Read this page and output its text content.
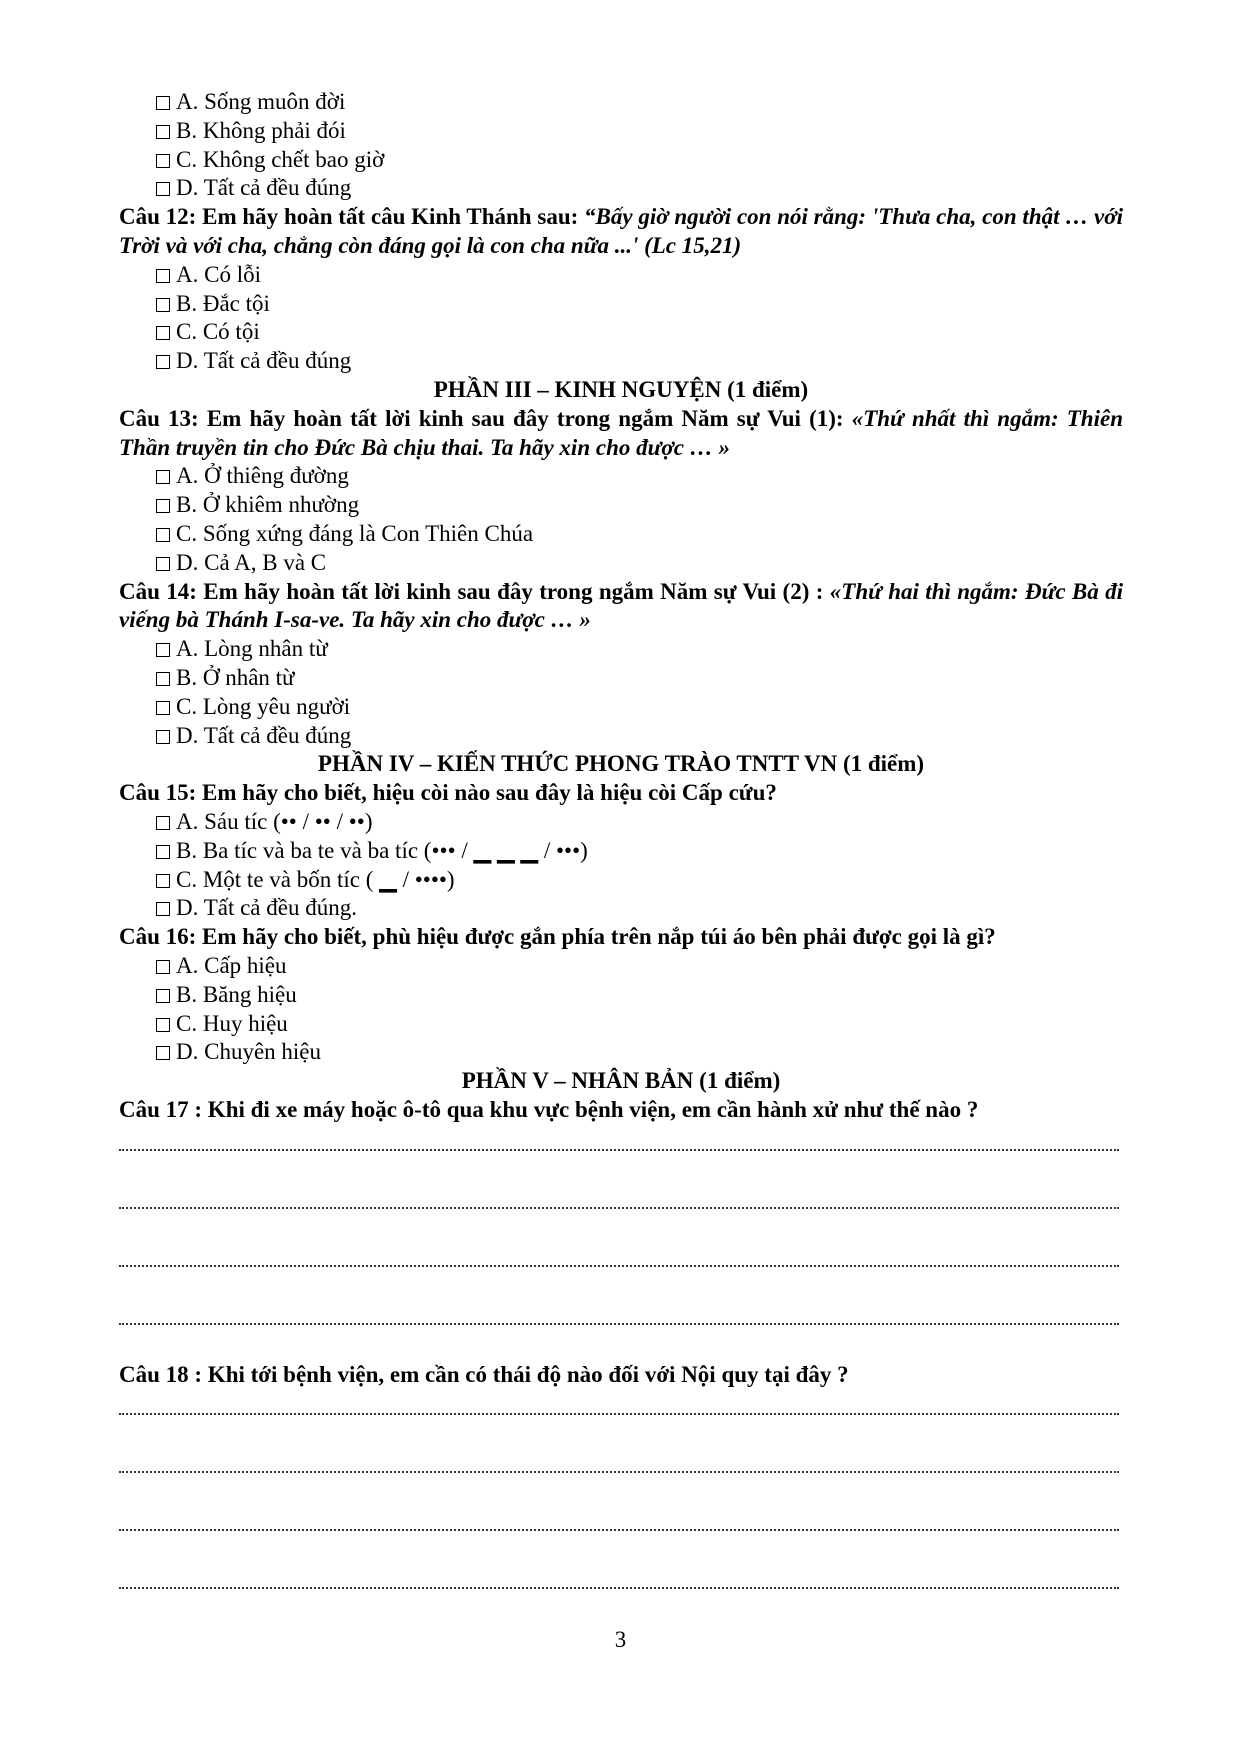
A. Sống muôn đời
B. Không phải đói
C. Không chết bao giờ
D. Tất cả đều đúng
Câu 12: Em hãy hoàn tất câu Kinh Thánh sau: “Bấy giờ người con nói rằng: 'Thưa cha, con thật … với Trời và với cha, chẳng còn đáng gọi là con cha nữa ...' (Lc 15,21)
A. Có lỗi
B. Đắc tội
C. Có tội
D. Tất cả đều đúng
PHẦN III – KINH NGUYỆN (1 điểm)
Câu 13: Em hãy hoàn tất lời kinh sau đây trong ngắm Năm sự Vui (1): «Thứ nhất thì ngắm: Thiên Thần truyền tin cho Đức Bà chịu thai. Ta hãy xin cho được … »
A. Ở thiêng đường
B. Ở khiêm nhường
C. Sống xứng đáng là Con Thiên Chúa
D. Cả A, B và C
Câu 14: Em hãy hoàn tất lời kinh sau đây trong ngắm Năm sự Vui (2) : «Thứ hai thì ngắm: Đức Bà đi viếng bà Thánh I-sa-ve. Ta hãy xin cho được … »
A. Lòng nhân từ
B. Ở nhân từ
C. Lòng yêu người
D. Tất cả đều đúng
PHẦN IV – KIẾN THỨC PHONG TRÀO TNTT VN (1 điểm)
Câu 15: Em hãy cho biết, hiệu còi nào sau đây là hiệu còi Cấp cứu?
A. Sáu tíc (•• / •• / ••)
B. Ba tíc và ba te và ba tíc (••• / ▁ ▁ ▁ / •••)
C. Một te và bốn tíc ( ▁ / ••••)
D. Tất cả đều đúng.
Câu 16: Em hãy cho biết, phù hiệu được gắn phía trên nắp túi áo bên phải được gọi là gì?
A. Cấp hiệu
B. Băng hiệu
C. Huy hiệu
D. Chuyên hiệu
PHẦN V – NHÂN BẢN (1 điểm)
Câu 17 : Khi đi xe máy hoặc ô-tô qua khu vực bệnh viện, em cần hành xử như thế nào ?
Câu 18 : Khi tới bệnh viện, em cần có thái độ nào đối với Nội quy tại đây ?
3
